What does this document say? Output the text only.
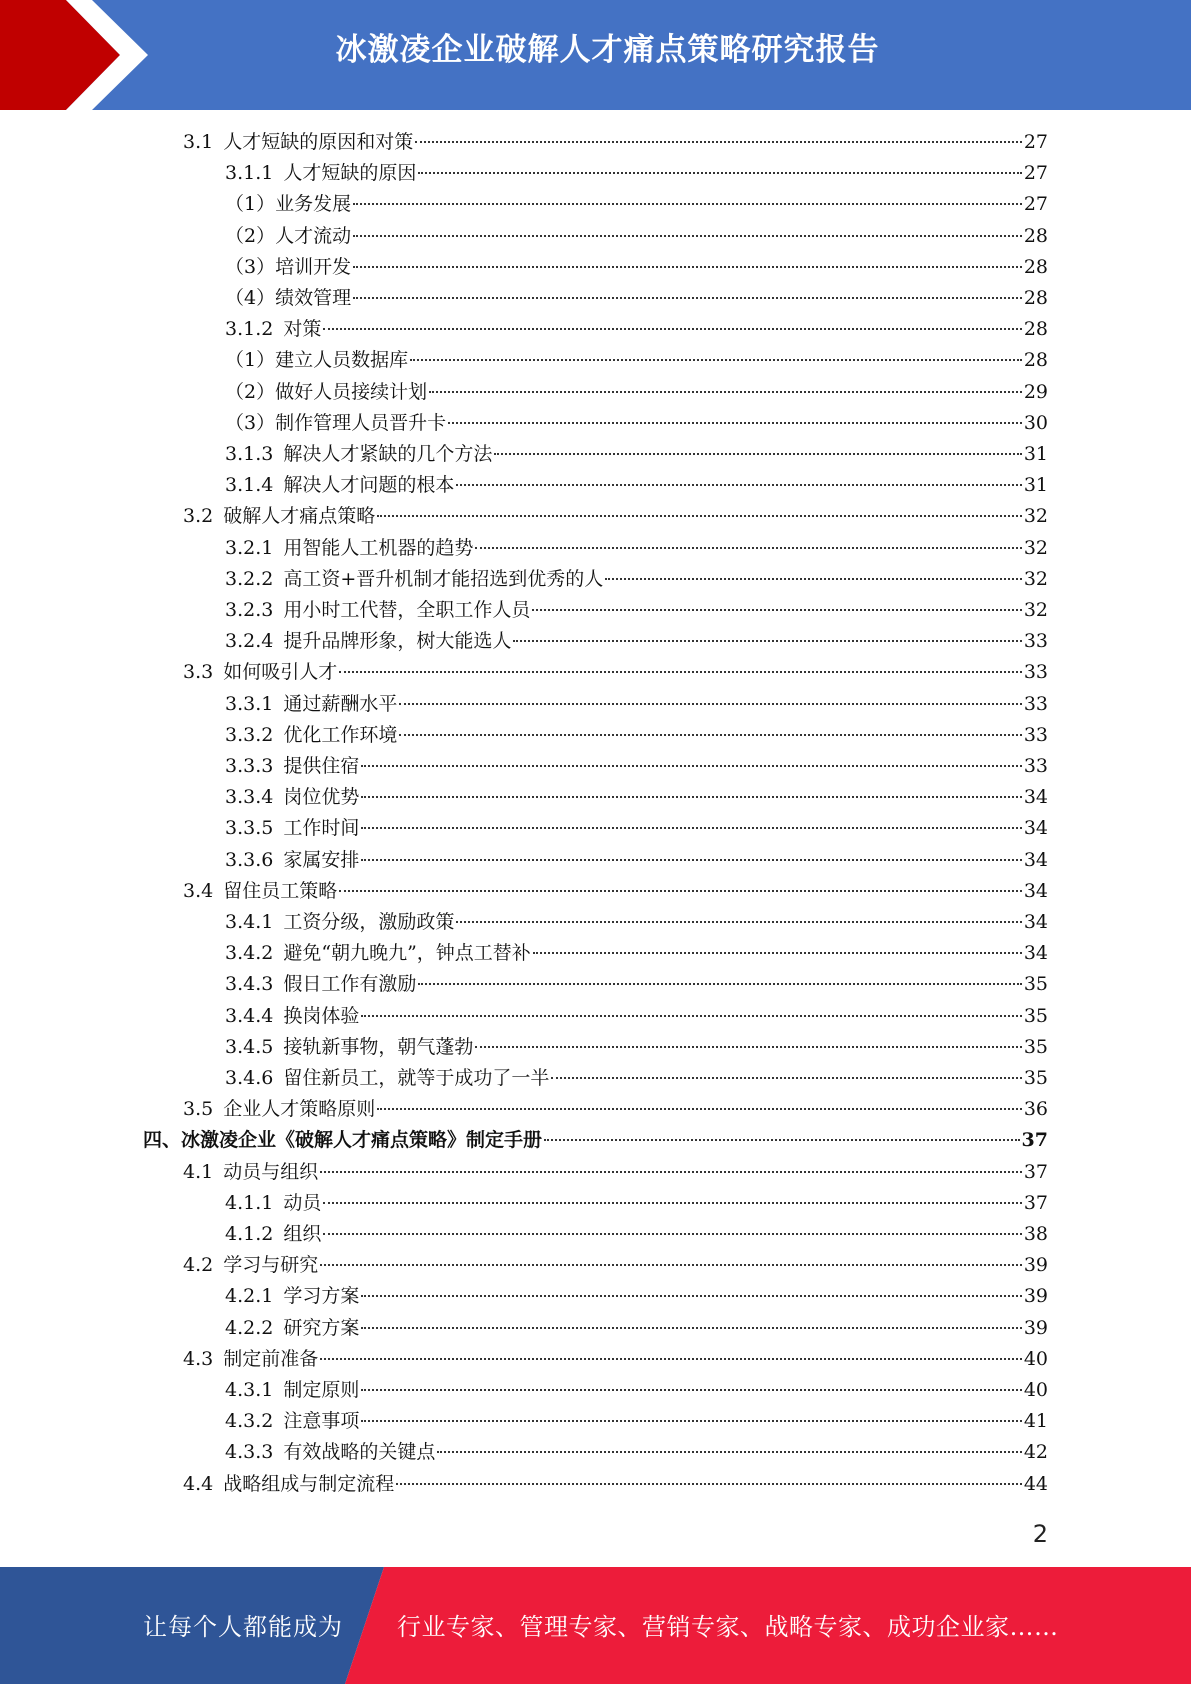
冰激凌企业破解人才痛点策略研究报告
3.1 人才短缺的原因和对策	27
3.1.1 人才短缺的原因	27
（1） 业务发展	27
（2） 人才流动	28
（3） 培训开发	28
（4） 绩效管理	28
3.1.2 对策	28
（1） 建立人员数据库	28
（2） 做好人员接续计划	29
（3） 制作管理人员晋升卡	30
3.1.3 解决人才紧缺的几个方法	31
3.1.4 解决人才问题的根本	31
3.2 破解人才痛点策略	32
3.2.1 用智能人工机器的趋势	32
3.2.2 高工资+晋升机制才能招选到优秀的人	32
3.2.3 用小时工代替，全职工作人员	32
3.2.4 提升品牌形象，树大能选人	33
3.3 如何吸引人才	33
3.3.1 通过薪酬水平	33
3.3.2 优化工作环境	33
3.3.3 提供住宿	33
3.3.4 岗位优势	34
3.3.5 工作时间	34
3.3.6 家属安排	34
3.4 留住员工策略	34
3.4.1 工资分级，激励政策	34
3.4.2 避免“朝九晚九”，钟点工替补	34
3.4.3 假日工作有激励	35
3.4.4 换岗体验	35
3.4.5 接轨新事物，朝气蓬勃	35
3.4.6 留住新员工，就等于成功了一半	35
3.5 企业人才策略原则	36
四、 冰激凌企业《破解人才痛点策略》制定手册	37
4.1 动员与组织	37
4.1.1 动员	37
4.1.2 组织	38
4.2 学习与研究	39
4.2.1 学习方案	39
4.2.2 研究方案	39
4.3 制定前准备	40
4.3.1 制定原则	40
4.3.2 注意事项	41
4.3.3 有效战略的关键点	42
4.4 战略组成与制定流程	44
2
让每个人都能成为 行业专家、管理专家、营销专家、战略专家、成功企业家……
